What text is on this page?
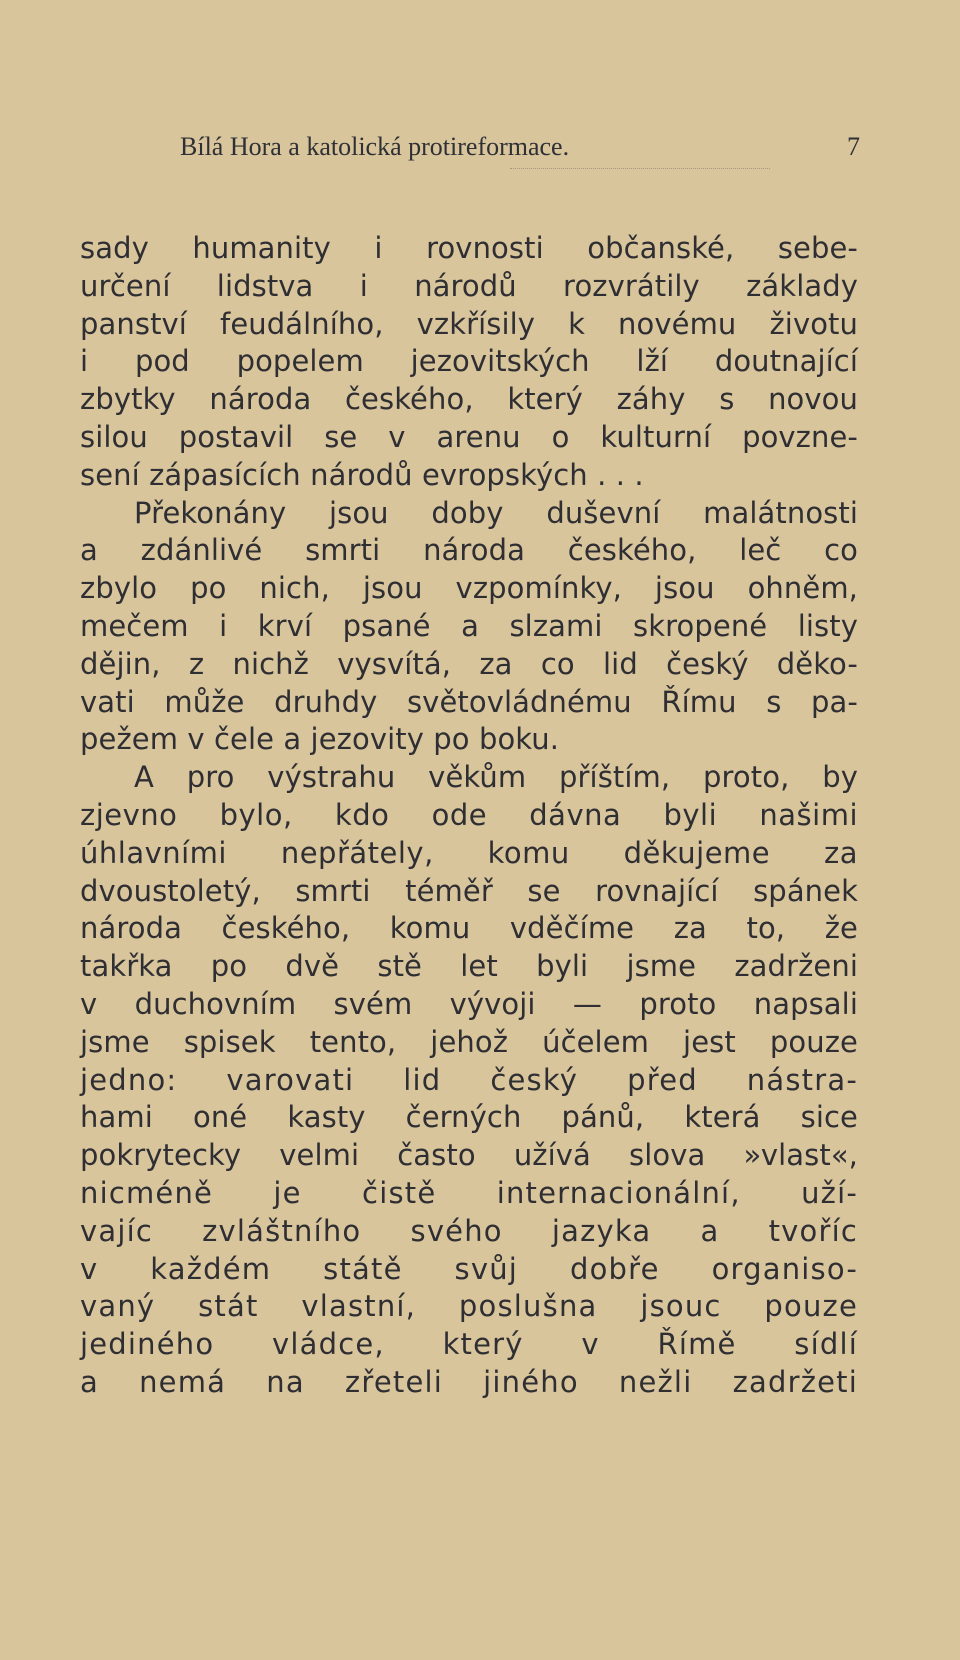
Bílá Hora a katolická protireformace.	7
sady humanity i rovnosti občanské, sebe-
určení lidstva i národů rozvrátily základy
panství feudálního, vzkřísily k novému životu
i pod popelem jezovitských lží doutnající
zbytky národa českého, který záhy s novou
silou postavil se v arenu o kulturní povzne-
sení zápasících národů evropských . . .
Překonány jsou doby duševní malátnosti
a zdánlivé smrti národa českého, leč co
zbylo po nich, jsou vzpomínky, jsou ohněm,
mečem i krví psané a slzami skropené listy
dějin, z nichž vysvítá, za co lid český děko-
vati může druhdy světovládnému Římu s pa-
pežem v čele a jezovity po boku.
A pro výstrahu věkům příštím, proto, by
zjevno bylo, kdo ode dávna byli našimi
úhlavními nepřátely, komu děkujeme za
dvoustoletý, smrti téměř se rovnající spánek
národa českého, komu vděčíme za to, že
takřka po dvě stě let byli jsme zadrženi
v duchovním svém vývoji — proto napsali
jsme spisek tento, jehož účelem jest pouze
jedno: varovati lid český před nástra-
hami oné kasty černých pánů, která sice
pokrytecky velmi často užívá slova »vlast«,
nicméně je čistě internacionální, uží-
vajíc zvláštního svého jazyka a tvoříc
v každém státě svůj dobře organiso-
vaný stát vlastní, poslušna jsouc pouze
jediného vládce, který v Římě sídlí
a nemá na zřeteli jiného nežli zadržeti
